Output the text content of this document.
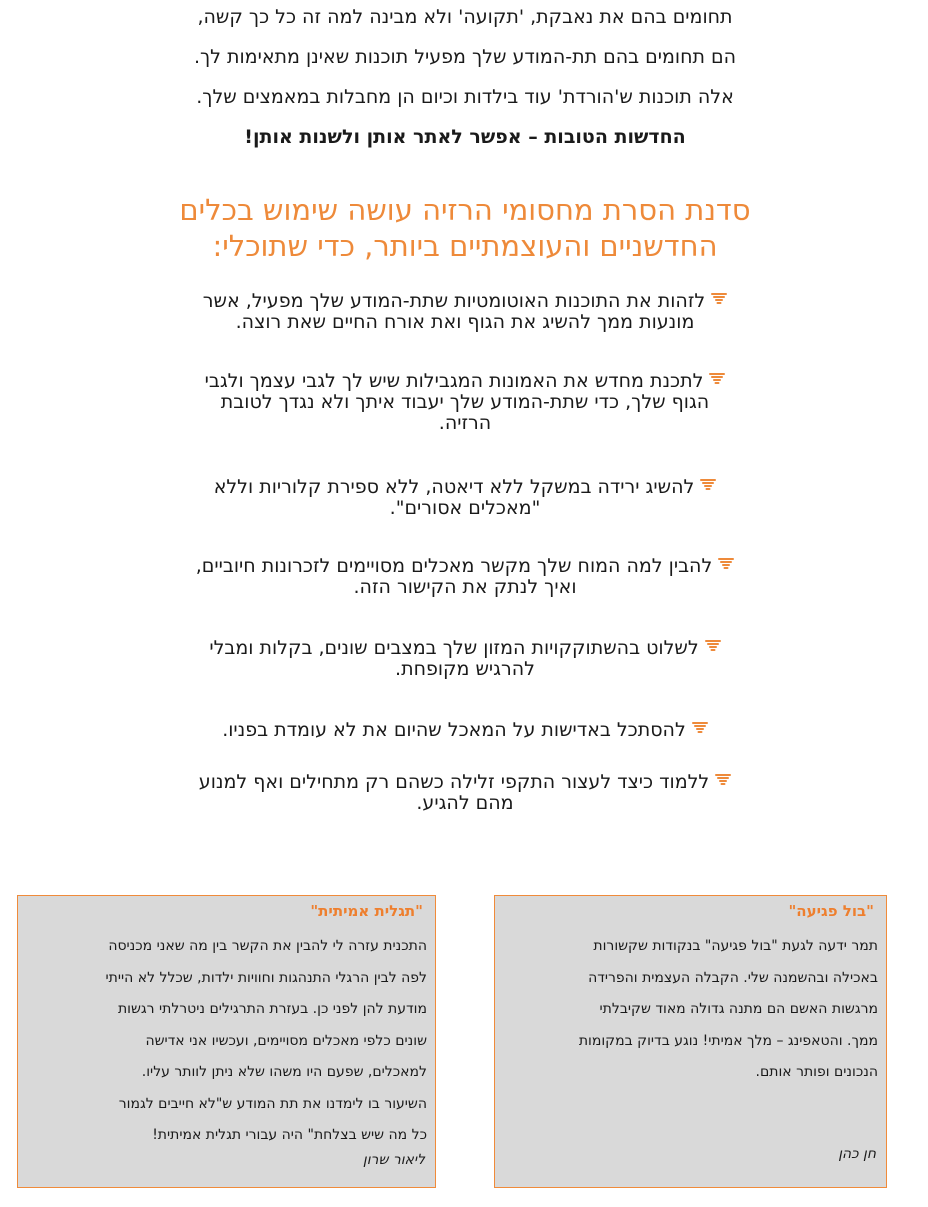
תחומים בהם את נאבקת, 'תקועה' ולא מבינה למה זה כל כך קשה,

הם תחומים בהם תת-המודע שלך מפעיל תוכנות שאינן מתאימות לך.

אלה תוכנות ש'הורדת' עוד בילדות וכיום הן מחבלות במאמצים שלך.

החדשות הטובות – אפשר לאתר אותן ולשנות אותן!

סדנת הסרת מחסומי הרזיה עושה שימוש בכלים
החדשניים והעוצמתיים ביותר, כדי שתוכלי:
לזהות את התוכנות האוטומטיות שתת-המודע שלך מפעיל, אשר
מונעות ממך להשיג את הגוף ואת אורח החיים שאת רוצה.
לתכנת מחדש את האמונות המגבילות שיש לך לגבי עצמך ולגבי
הגוף שלך, כדי שתת-המודע שלך יעבוד איתך ולא נגדך לטובת
הרזיה.
להשיג ירידה במשקל ללא דיאטה, ללא ספירת קלוריות וללא
"מאכלים אסורים".
להבין למה המוח שלך מקשר מאכלים מסויימים לזכרונות חיוביים,
ואיך לנתק את הקישור הזה.
לשלוט בהשתוקקויות המזון שלך במצבים שונים, בקלות ומבלי
להרגיש מקופחת.
להסתכל באדישות על המאכל שהיום את לא עומדת בפניו.
ללמוד כיצד לעצור התקפי זלילה כשהם רק מתחילים ואף למנוע
מהם להגיע.

"בול פגיעה"

תמר ידעה לגעת "בול פגיעה" בנקודות שקשורות
באכילה ובהשמנה שלי. הקבלה העצמית והפרידה
מרגשות האשם הם מתנה גדולה מאוד שקיבלתי
ממך. והטאפינג – מלך אמיתי! נוגע בדיוק במקומות
הנכונים ופותר אותם.
חן כהן

"תגלית אמיתית"

התכנית עזרה לי להבין את הקשר בין מה שאני מכניסה
לפה לבין הרגלי התנהגות וחוויות ילדות, שכלל לא הייתי
מודעת להן לפני כן. בעזרת התרגילים ניטרלתי רגשות
שונים כלפי מאכלים מסויימים, ועכשיו אני אדישה
למאכלים, שפעם היו משהו שלא ניתן לוותר עליו.
השיעור בו לימדנו את תת המודע ש"לא חייבים לגמור
כל מה שיש בצלחת" היה עבורי תגלית אמיתית!
ליאור שרון
